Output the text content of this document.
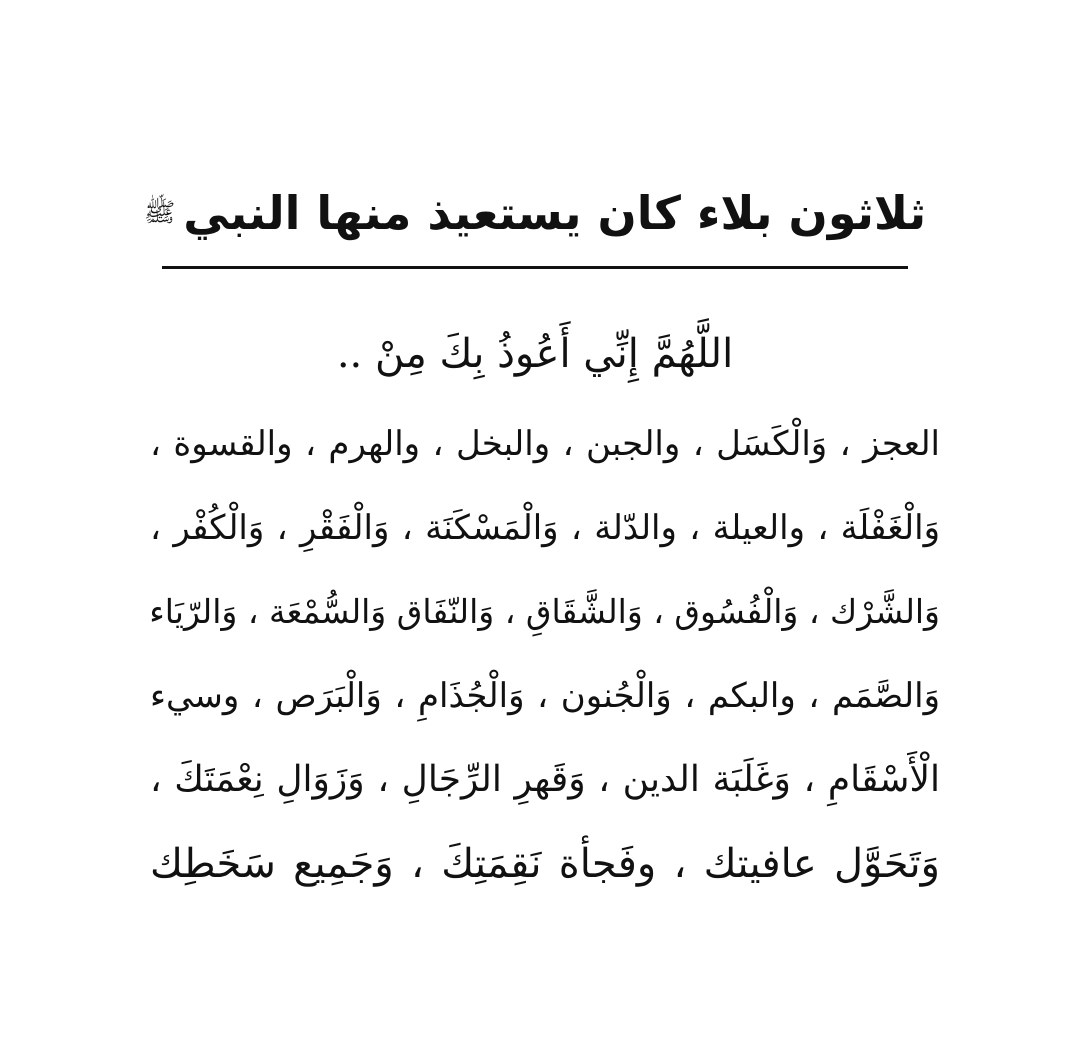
ثلاثون بلاء كان يستعيذ منها النبي
ﷺ
اللَّهُمَّ إِنِّي أَعُوذُ بِكَ مِنْ ..
العجز ، وَالْكَسَل ، والجبن ، والبخل ، والهرم ، والقسوة ،
وَالْغَفْلَة ، والعيلة ، والدّلة ، وَالْمَسْكَنَة ، وَالْفَقْرِ ، وَالْكُفْر ،
وَالشَّرْك ، وَالْفُسُوق ، وَالشَّقَاقِ ، وَالنّفَاق وَالسُّمْعَة ، وَالرّيَاء
وَالصَّمَم ، والبكم ، وَالْجُنون ، وَالْجُذَامِ ، وَالْبَرَص ، وسيء
الْأَسْقَامِ ، وَغَلَبَة الدين ، وَقَهرِ الرِّجَالِ ، وَزَوَالِ نِعْمَتَكَ ،
وَتَحَوَّل عافيتك ، وفَجأة نَقِمَتِكَ ، وَجَمِيع سَخَطِك
